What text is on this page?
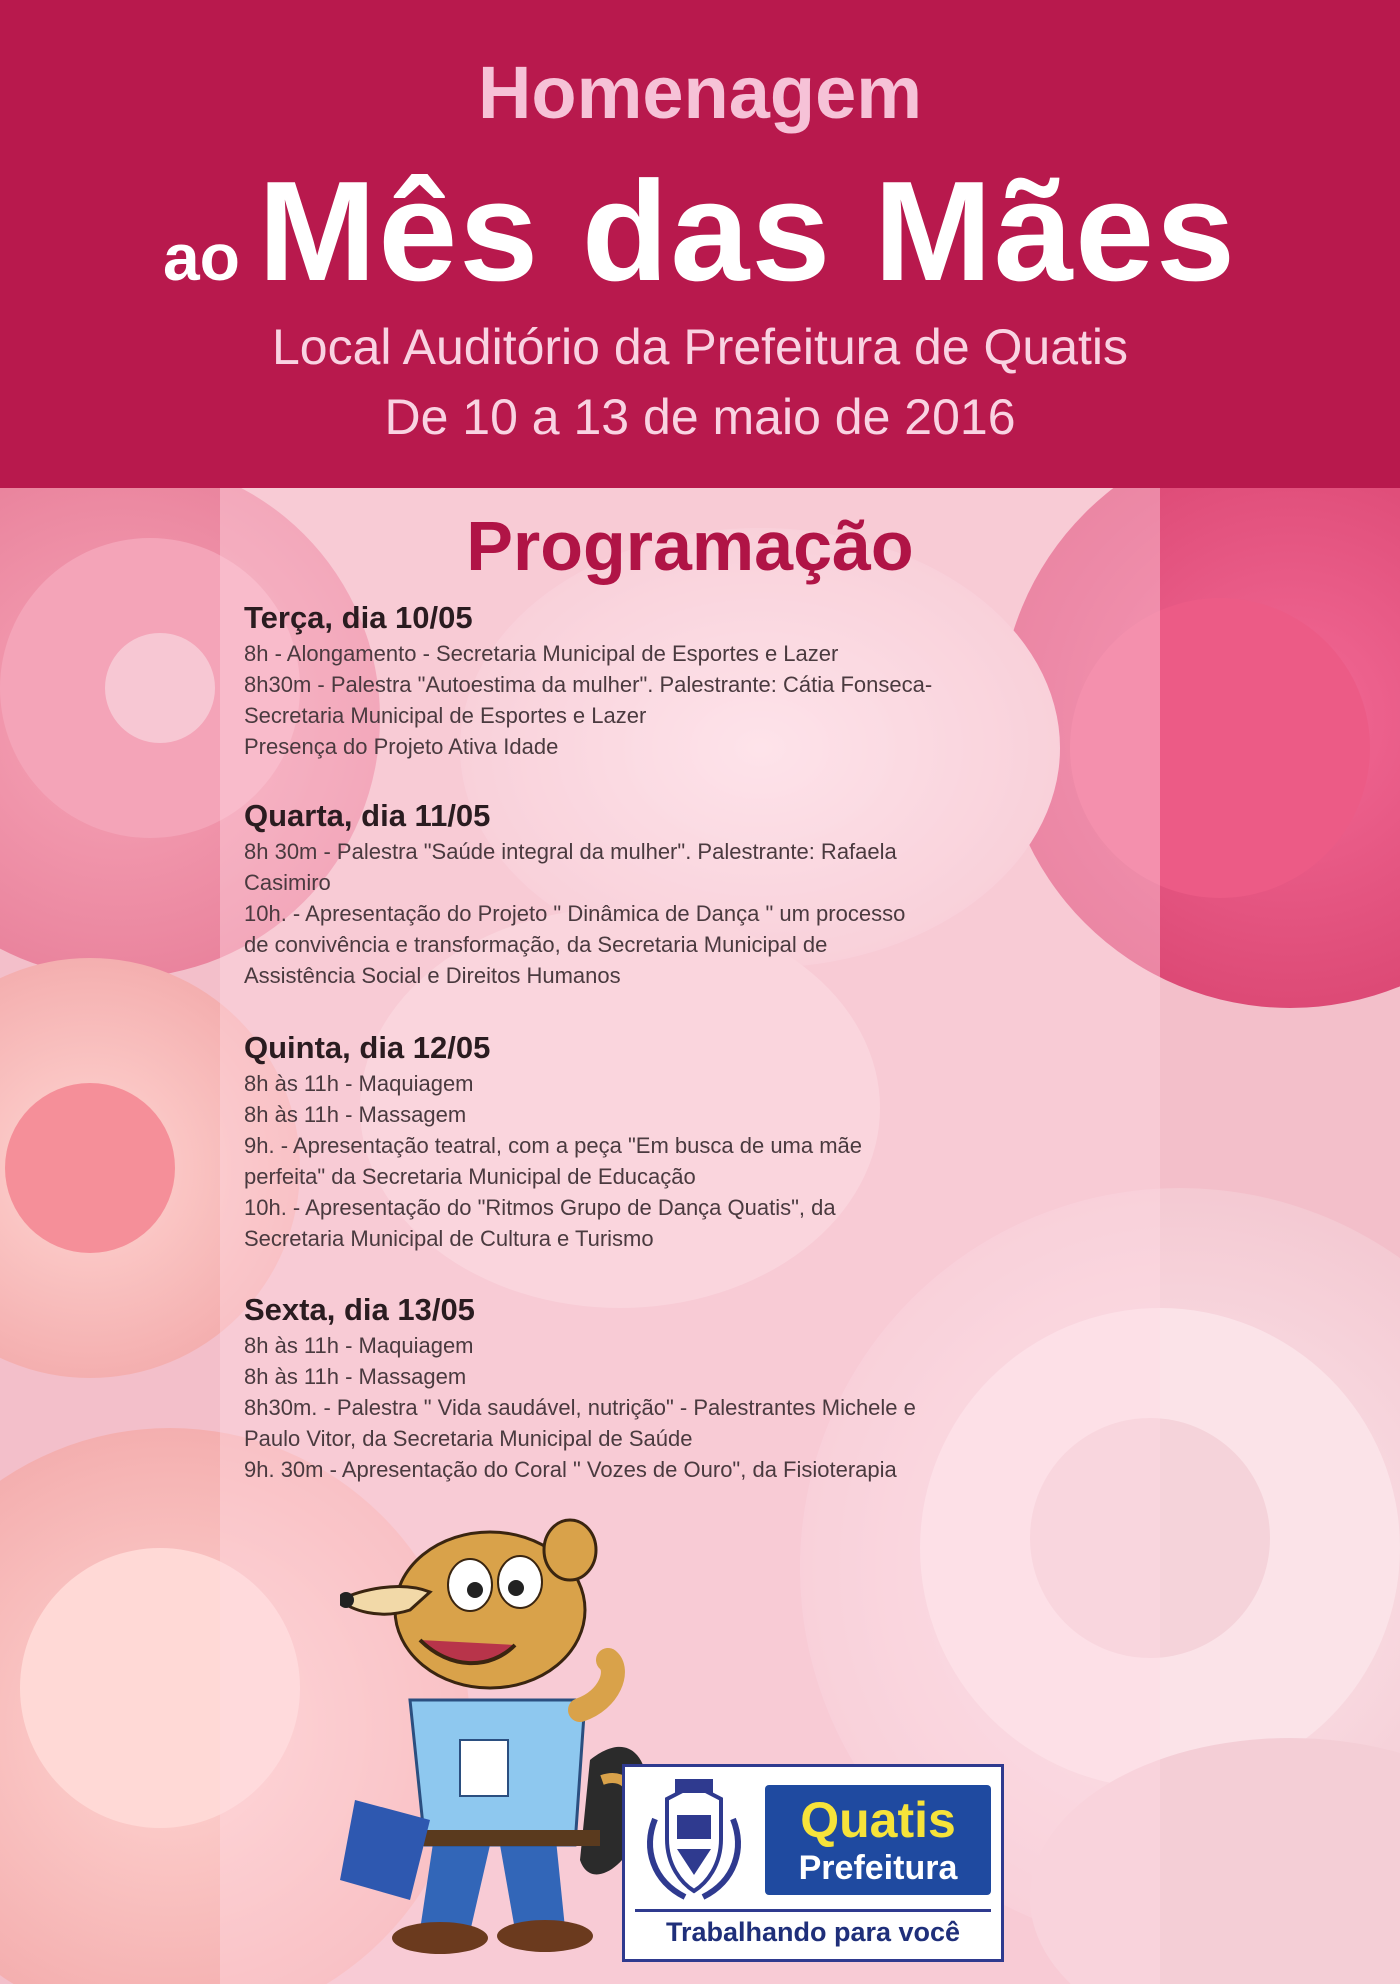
Homenagem
ao Mês das Mães
Local Auditório da Prefeitura de Quatis
De 10 a 13 de maio de 2016
Programação
Terça, dia 10/05
8h - Alongamento - Secretaria Municipal de Esportes e Lazer
8h30m - Palestra "Autoestima da mulher". Palestrante: Cátia Fonseca-
Secretaria Municipal de Esportes e Lazer
Presença do Projeto Ativa Idade
Quarta, dia 11/05
8h 30m - Palestra "Saúde integral da mulher". Palestrante: Rafaela
Casimiro
10h. - Apresentação do Projeto " Dinâmica de Dança " um processo
de convivência e transformação, da Secretaria Municipal de
Assistência Social e Direitos Humanos
Quinta, dia 12/05
8h às 11h - Maquiagem
8h às 11h - Massagem
9h. - Apresentação teatral, com a peça "Em busca de uma mãe
perfeita" da Secretaria Municipal de Educação
10h. - Apresentação do "Ritmos Grupo de Dança Quatis", da
Secretaria Municipal de Cultura e Turismo
Sexta, dia 13/05
8h às 11h - Maquiagem
8h às 11h - Massagem
8h30m. - Palestra " Vida saudável, nutrição" - Palestrantes Michele e
Paulo Vitor, da Secretaria Municipal de Saúde
9h. 30m - Apresentação do Coral " Vozes de Ouro", da Fisioterapia
Quatis
Prefeitura
Trabalhando para você
